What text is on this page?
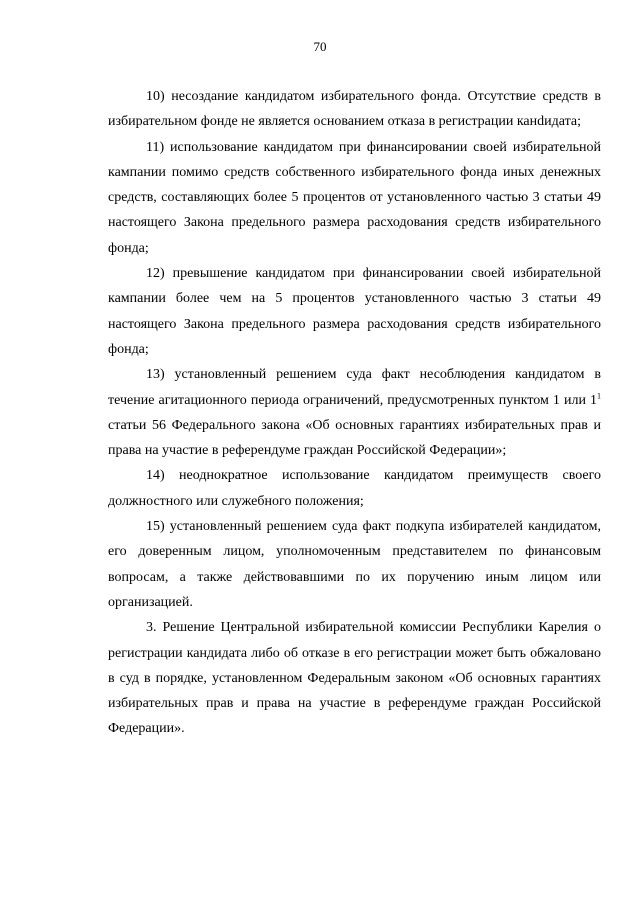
70

10) несоздание кандидатом избирательного фонда. Отсутствие средств в избирательном фонде не является основанием отказа в регистрации канdидата;

11) использование кандидатом при финансировании своей избирательной кампании помимо средств собственного избирательного фонда иных денежных средств, составляющих более 5 процентов от установленного частью 3 статьи 49 настоящего Закона предельного размера расходования средств избирательного фонда;

12) превышение кандидатом при финансировании своей избирательной кампании более чем на 5 процентов установленного частью 3 статьи 49 настоящего Закона предельного размера расходования средств избирательного фонда;

13) установленный решением суда факт несоблюдения кандидатом в течение агитационного периода ограничений, предусмотренных пунктом 1 или $1^1$ статьи 56 Федерального закона «Об основных гарантиях избирательных прав и права на участие в референдуме граждан Российской Федерации»;

14) неоднократное использование кандидатом преимуществ своего должностного или служебного положения;

15) установленный решением суда факт подкупа избирателей кандидатом, его доверенным лицом, уполномоченным представителем по финансовым вопросам, а также действовавшими по их поручению иным лицом или организацией.

3. Решение Центральной избирательной комиссии Республики Карелия о регистрации кандидата либо об отказе в его регистрации может быть обжаловано в суд в порядке, установленном Федеральным законом «Об основных гарантиях избирательных прав и права на участие в референдуме граждан Российской Федерации».
